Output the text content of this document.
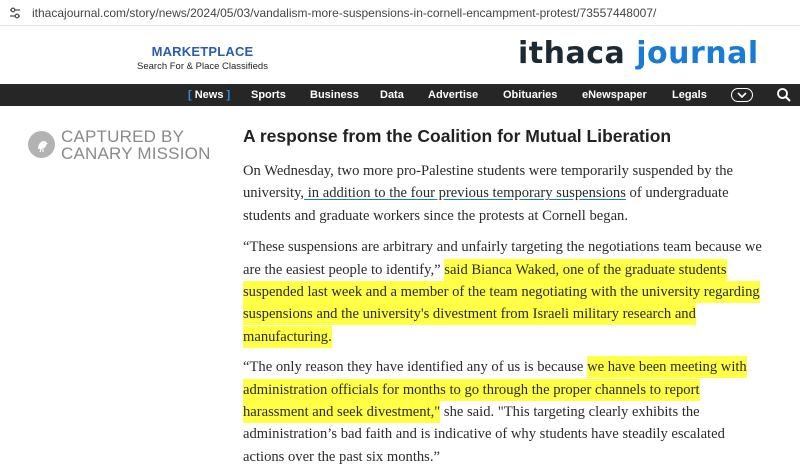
ithacajournal.com/story/news/2024/05/03/vandalism-more-suspensions-in-cornell-encampment-protest/73557448007/
MARKETPLACE
Search For & Place Classifieds	ithaca journal
[ News ] Sports Business Data Advertise Obituaries eNewspaper Legals
CAPTURED BY
CANARY MISSION
A response from the Coalition for Mutual Liberation

On Wednesday, two more pro-Palestine students were temporarily suspended by the university, in addition to the four previous temporary suspensions of undergraduate students and graduate workers since the protests at Cornell began.

“These suspensions are arbitrary and unfairly targeting the negotiations team because we are the easiest people to identify,” said Bianca Waked, one of the graduate students suspended last week and a member of the team negotiating with the university regarding suspensions and the university's divestment from Israeli military research and manufacturing.

“The only reason they have identified any of us is because we have been meeting with administration officials for months to go through the proper channels to report harassment and seek divestment," she said. "This targeting clearly exhibits the administration’s bad faith and is indicative of why students have steadily escalated actions over the past six months.”
